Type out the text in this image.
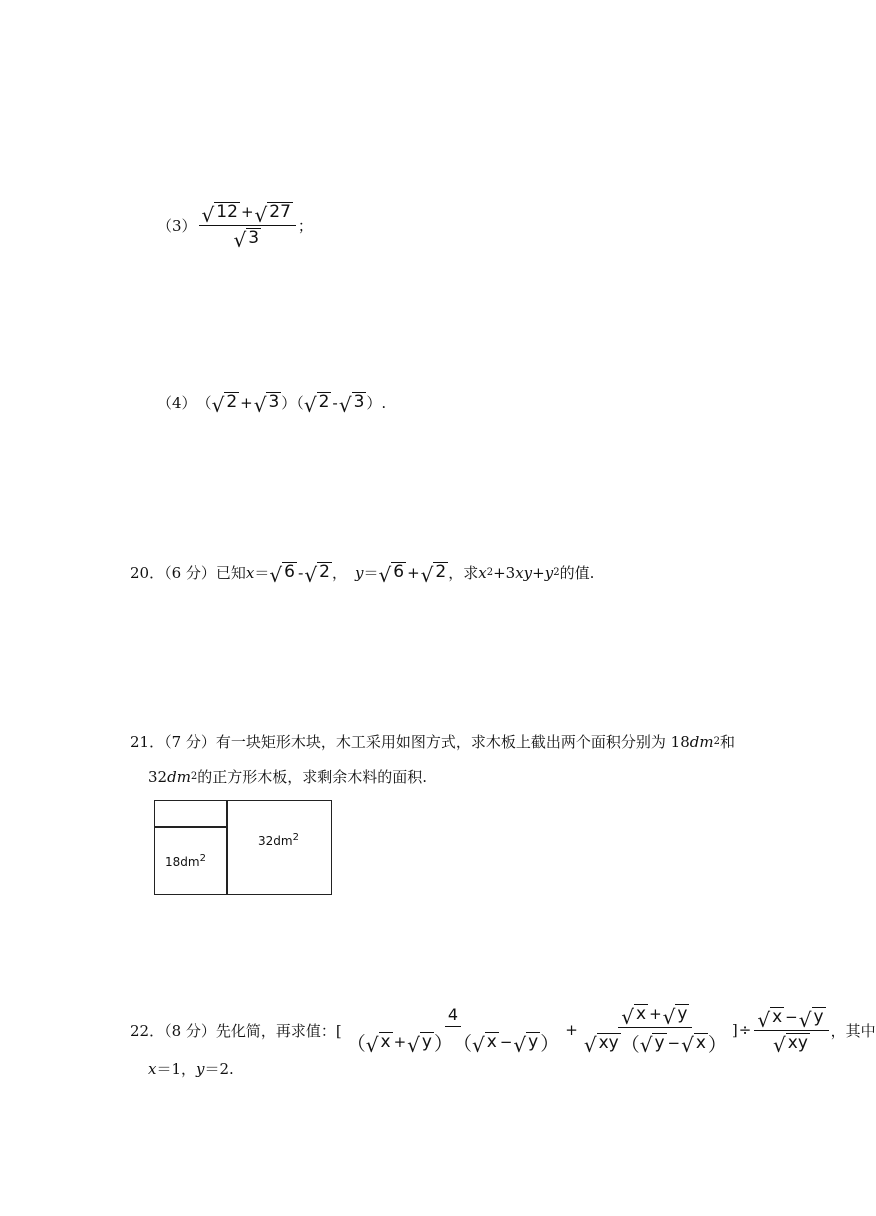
$(3) \frac{√ 12 + √ 27}{√ 3}$ ；
（4） （ √ 2 + √ 3 ）（ √ 2 - √ 3 ）.
20．（6 分）已知 x ＝ √ 6 - √ 2 ， y ＝ √ 6 + √ 2 ，求 x 2 +3 xy + y 2 的值.
21．（7 分）有一块矩形木块，木工采用如图方式，求木板上截出两个面积分别为 18 dm 2 和
32 dm 2 的正方形木板，求剩余木料的面积.
$32dm^2$
$18dm^2$
22．（8 分）先化简，再求值：[
4
（ √ x + √ y ） （ √ x − √ y ）
+ $\frac{√ x + √ y}{√ xy ( √ y - √ x )}$ ] ÷ $\frac{√ x - √ y}{√ xy}$ ，其中
x ＝1， y ＝2.
